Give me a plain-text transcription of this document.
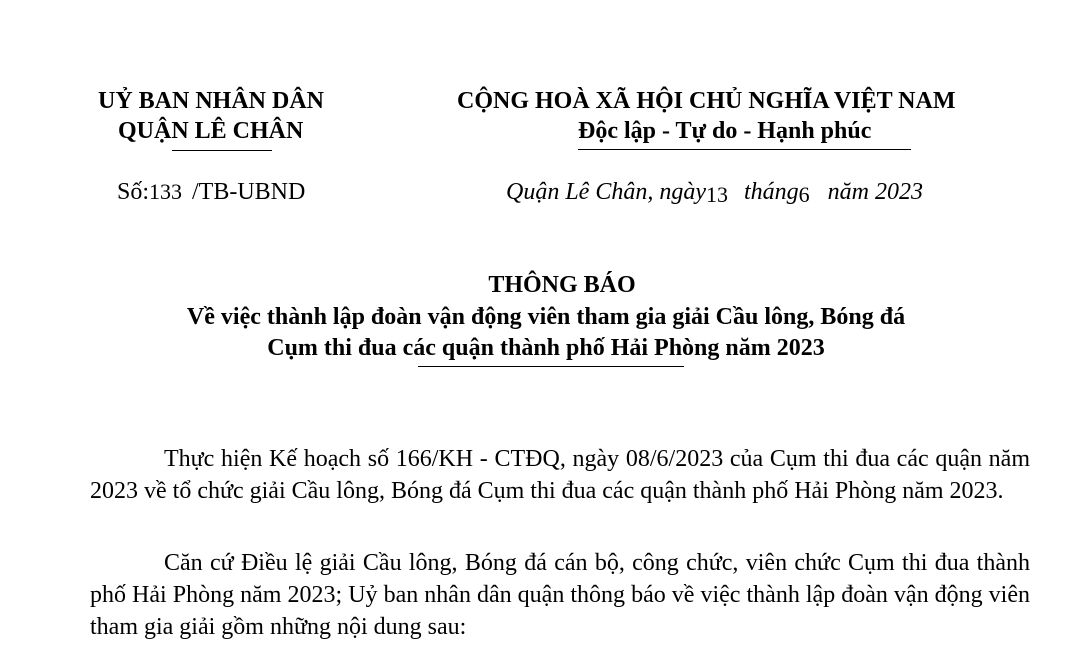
UỶ BAN NHÂN DÂN
QUẬN LÊ CHÂN
Số:133 /TB-UBND
CỘNG HOÀ XÃ HỘI CHỦ NGHĨA VIỆT NAM
Độc lập - Tự do - Hạnh phúc
Quận Lê Chân, ngày13 tháng6 năm 2023
THÔNG BÁO
Về việc thành lập đoàn vận động viên tham gia giải Cầu lông, Bóng đá
Cụm thi đua các quận thành phố Hải Phòng năm 2023

Thực hiện Kế hoạch số 166/KH - CTĐQ, ngày 08/6/2023 của Cụm thi đua các quận năm 2023 về tổ chức giải Cầu lông, Bóng đá Cụm thi đua các quận thành phố Hải Phòng năm 2023.

Căn cứ Điều lệ giải Cầu lông, Bóng đá cán bộ, công chức, viên chức Cụm thi đua thành phố Hải Phòng năm 2023; Uỷ ban nhân dân quận thông báo về việc thành lập đoàn vận động viên tham gia giải gồm những nội dung sau:
